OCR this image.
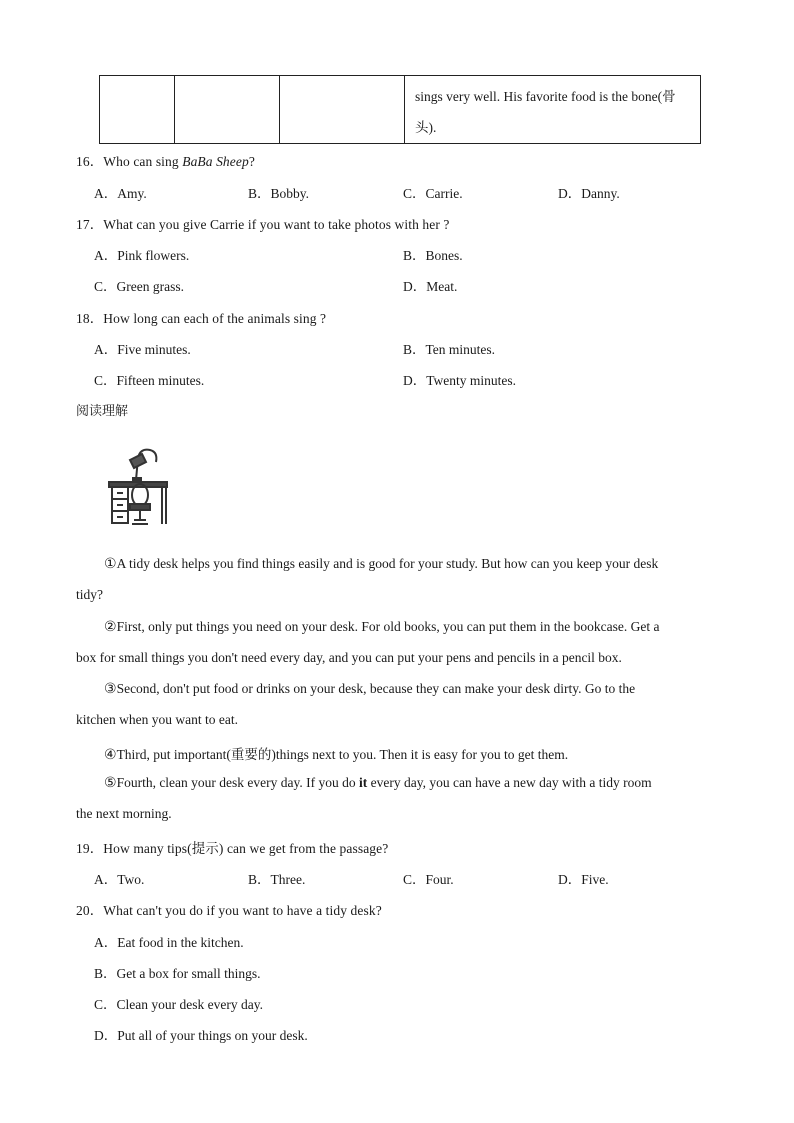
sings very well. His favorite food is the bone(骨
头).
16．Who can sing BaBa Sheep?
A．Amy.	B．Bobby.	C．Carrie.	D．Danny.
17．What can you give Carrie if you want to take photos with her ?
A．Pink flowers.	B．Bones.
C．Green grass.	D．Meat.
18．How long can each of the animals sing ?
A．Five minutes.	B．Ten minutes.
C．Fifteen minutes.	D．Twenty minutes.
阅读理解
①A tidy desk helps you find things easily and is good for your study. But how can you keep your desk
tidy?
②First, only put things you need on your desk. For old books, you can put them in the bookcase. Get a
box for small things you don't need every day, and you can put your pens and pencils in a pencil box.
③Second, don't put food or drinks on your desk, because they can make your desk dirty. Go to the
kitchen when you want to eat.
④Third, put important(重要的)things next to you. Then it is easy for you to get them.
⑤Fourth, clean your desk every day. If you do it every day, you can have a new day with a tidy room
the next morning.
19．How many tips(提示) can we get from the passage?
A．Two.	B．Three.	C．Four.	D．Five.
20．What can't you do if you want to have a tidy desk?
A．Eat food in the kitchen.
B．Get a box for small things.
C．Clean your desk every day.
D．Put all of your things on your desk.
